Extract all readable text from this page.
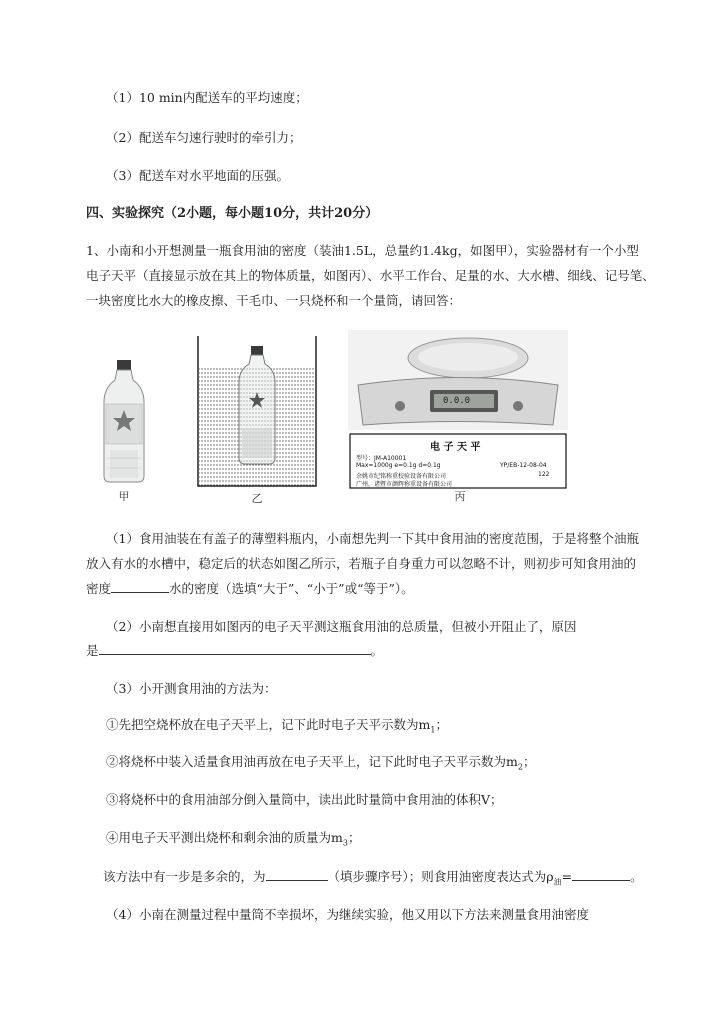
（1）10 min内配送车的平均速度；
（2）配送车匀速行驶时的牵引力；
（3）配送车对水平地面的压强。
四、实验探究（2小题，每小题10分，共计20分）
1、小南和小开想测量一瓶食用油的密度（装油1.5L，总量约1.4kg，如图甲），实验器材有一个小型
电子天平（直接显示放在其上的物体质量，如图丙）、水平工作台、足量的水、大水槽、细线、记号笔、
一块密度比水大的橡皮擦、干毛巾、一只烧杯和一个量筒，请回答：
甲	乙
0.0.0
电 子 天 平
型号：JM-A10001
Max=1000g e=0.1g d=0.1g
余姚市纪铭称重校验设备有限公司
广州，诸暨市颜辉称重设备有限公司
YP/EB-12-08-04
122
丙
（1）食用油装在有盖子的薄塑料瓶内，小南想先判一下其中食用油的密度范围，于是将整个油瓶
放入有水的水槽中，稳定后的状态如图乙所示，若瓶子自身重力可以忽略不计，则初步可知食用油的
密度	水的密度（选填“大于”、“小于”或“等于”）。
（2）小南想直接用如图丙的电子天平测这瓶食用油的总质量，但被小开阻止了，原因
是	。
（3）小开测食用油的方法为：
①先把空烧杯放在电子天平上，记下此时电子天平示数为$m_1$；
②将烧杯中装入适量食用油再放在电子天平上，记下此时电子天平示数为$m_2$；
③将烧杯中的食用油部分倒入量筒中，读出此时量筒中食用油的体积V；
④用电子天平测出烧杯和剩余油的质量为$m_3$；
该方法中有一步是多余的，为	（填步骤序号）；则食用油密度表达式为$\rho_油=$	。
（4）小南在测量过程中量筒不幸损坏，为继续实验，他又用以下方法来测量食用油密度
